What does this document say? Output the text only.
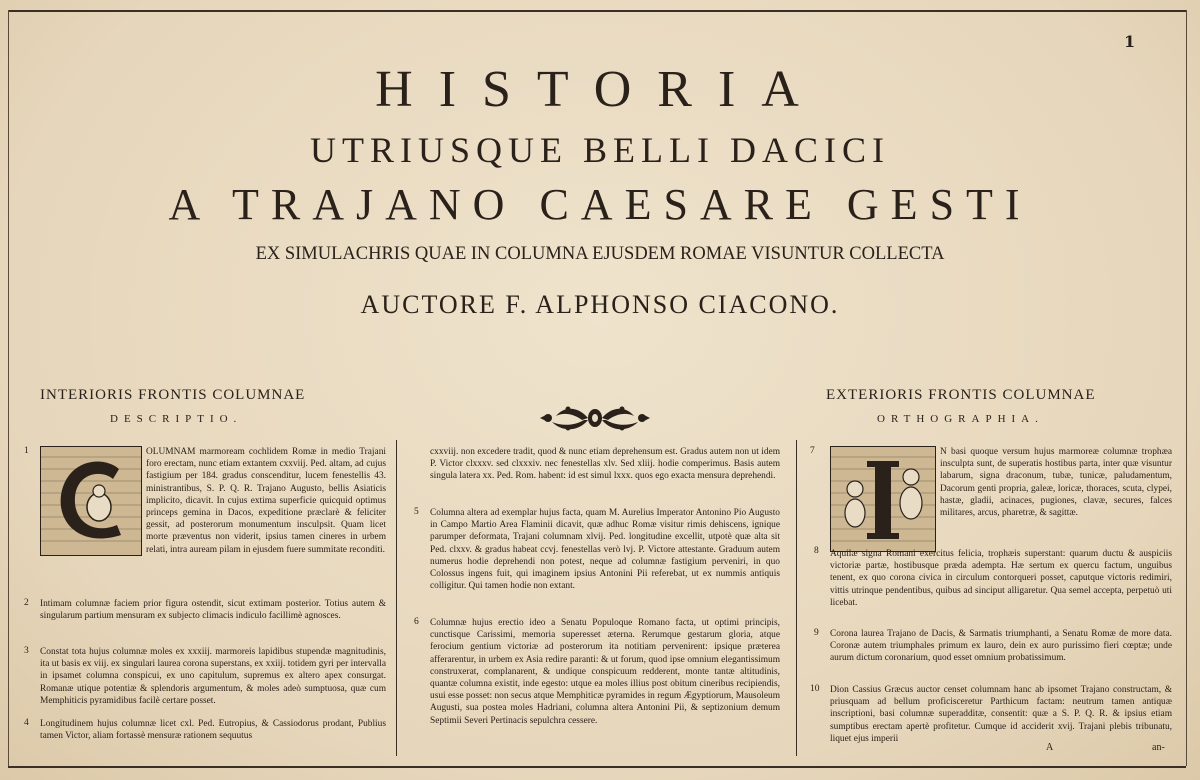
1
HISTORIA
UTRIUSQUE BELLI DACICI
A TRAJANO CAESARE GESTI
EX SIMULACHRIS QUAE IN COLUMNA EJUSDEM ROMAE VISUNTUR COLLECTA
AUCTORE F. ALPHONSO CIACONO.
INTERIORIS FRONTIS COLUMNAE
DESCRIPTIO.
EXTERIORIS FRONTIS COLUMNAE
ORTHOGRAPHIA.
1	OLUMNAM marmoream cochlidem Romæ in medio Trajani foro erectam, nunc etiam extantem cxxviij. Ped. altam, ad cujus fastigium per 184. gradus conscenditur, lucem fenestellis 43. ministrantibus, S. P. Q. R. Trajano Augusto, bellis Asiaticis implicito, dicavit. In cujus extima superficie quicquid optimus princeps gemina in Dacos, expeditione præclarè & feliciter gessit, ad posterorum monumentum insculpsit. Quam licet morte præventus non viderit, ipsius tamen cineres in urbem relati, intra auream pilam in ejusdem fuere summitate reconditi.
2 Intimam columnæ faciem prior figura ostendit, sicut extimam posterior. Totius autem & singularum partium mensuram ex subjecto climacis indiculo facillimè agnosces.
3 Constat tota hujus columnæ moles ex xxxiij. marmoreis lapidibus stupendæ magnitudinis, ita ut basis ex viij. ex singulari laurea corona superstans, ex xxiij. totidem gyri per intervalla in ipsamet columna conspicui, ex uno capitulum, supremus ex altero apex consurgat. Romanæ utique potentiæ & splendoris argumentum, & moles adeò sumptuosa, quæ cum Memphiticis pyramidibus facilè certare posset.
4 Longitudinem hujus columnæ licet cxl. Ped. Eutropius, & Cassiodorus prodant, Publius tamen Victor, aliam fortassè mensuræ rationem sequutus
cxxviij. non excedere tradit, quod & nunc etiam deprehensum est. Gradus autem non ut idem P. Victor clxxxv. sed clxxxiv. nec fenestellas xlv. Sed xliij. hodie comperimus. Basis autem singula latera xx. Ped. Rom. habent: id est simul lxxx. quos ego exacta mensura deprehendi.
5 Columna altera ad exemplar hujus facta, quam M. Aurelius Imperator Antonino Pio Augusto in Campo Martio Area Flaminii dicavit, quæ adhuc Romæ visitur rimis dehiscens, ignique parumper deformata, Trajani columnam xlvij. Ped. longitudine excellit, utpotè quæ alta sit Ped. clxxv. & gradus habeat ccvj. fenestellas verò lvj. P. Victore attestante. Graduum autem numerus hodie deprehendi non potest, neque ad columnæ fastigium perveniri, in quo Colossus ingens fuit, qui imaginem ipsius Antonini Pii referebat, ut ex nummis antiquis colligitur. Qui tamen hodie non extant.
6 Columnæ hujus erectio ideo a Senatu Populoque Romano facta, ut optimi principis, cunctisque Carissimi, memoria superesset æterna. Rerumque gestarum gloria, atque ferocium gentium victoriæ ad posterorum ita notitiam pervenirent: ipsique præterea afferarentur, in urbem ex Asia redire paranti: & ut forum, quod ipse omnium elegantissimum construxerat, complanarent, & undique conspicuum redderent, monte tantæ altitudinis, quantæ columna existit, inde egesto: utque ea moles illius post obitum cineribus recipiendis, usui esse posset: non secus atque Memphiticæ pyramides in regum Ægyptiorum, Mausoleum Augusti, sua postea moles Hadriani, columna altera Antonini Pii, & septizonium demum Septimii Severi Pertinacis sepulchra cessere.
7	N basi quoque versum hujus marmoreæ columnæ trophæa insculpta sunt, de superatis hostibus parta, inter quæ visuntur labarum, signa draconum, tubæ, tunicæ, paludamentum, Dacorum genti propria, galeæ, loricæ, thoraces, scuta, clypei, hastæ, gladii, acinaces, pugiones, clavæ, secures, falces militares, arcus, pharetræ, & sagittæ.
8 Aquilæ signa Romani exercitus felicia, trophæis superstant: quarum ductu & auspiciis victoriæ partæ, hostibusque præda adempta. Hæ sertum ex quercu factum, unguibus tenent, ex quo corona civica in circulum contorqueri posset, caputque victoris redimiri, vittis utrinque pendentibus, quibus ad sinciput alligaretur. Qua semel accepta, perpetuò uti licebat.
9 Corona laurea Trajano de Dacis, & Sarmatis triumphanti, a Senatu Romæ de more data. Coronæ autem triumphales primum ex lauro, dein ex auro purissimo fieri cœptæ; unde aurum dictum coronarium, quod esset omnium probatissimum.
10 Dion Cassius Græcus auctor censet columnam hanc ab ipsomet Trajano constructam, & priusquam ad bellum proficisceretur Parthicum factam: neutrum tamen antiquæ inscriptioni, basi columnæ superadditæ, consentit: quæ a S. P. Q. R. & ipsius etiam sumptibus erectam apertè profitetur. Cumque id acciderit xvij. Trajani plebis tribunatu, liquet ejus imperii
A	an-
